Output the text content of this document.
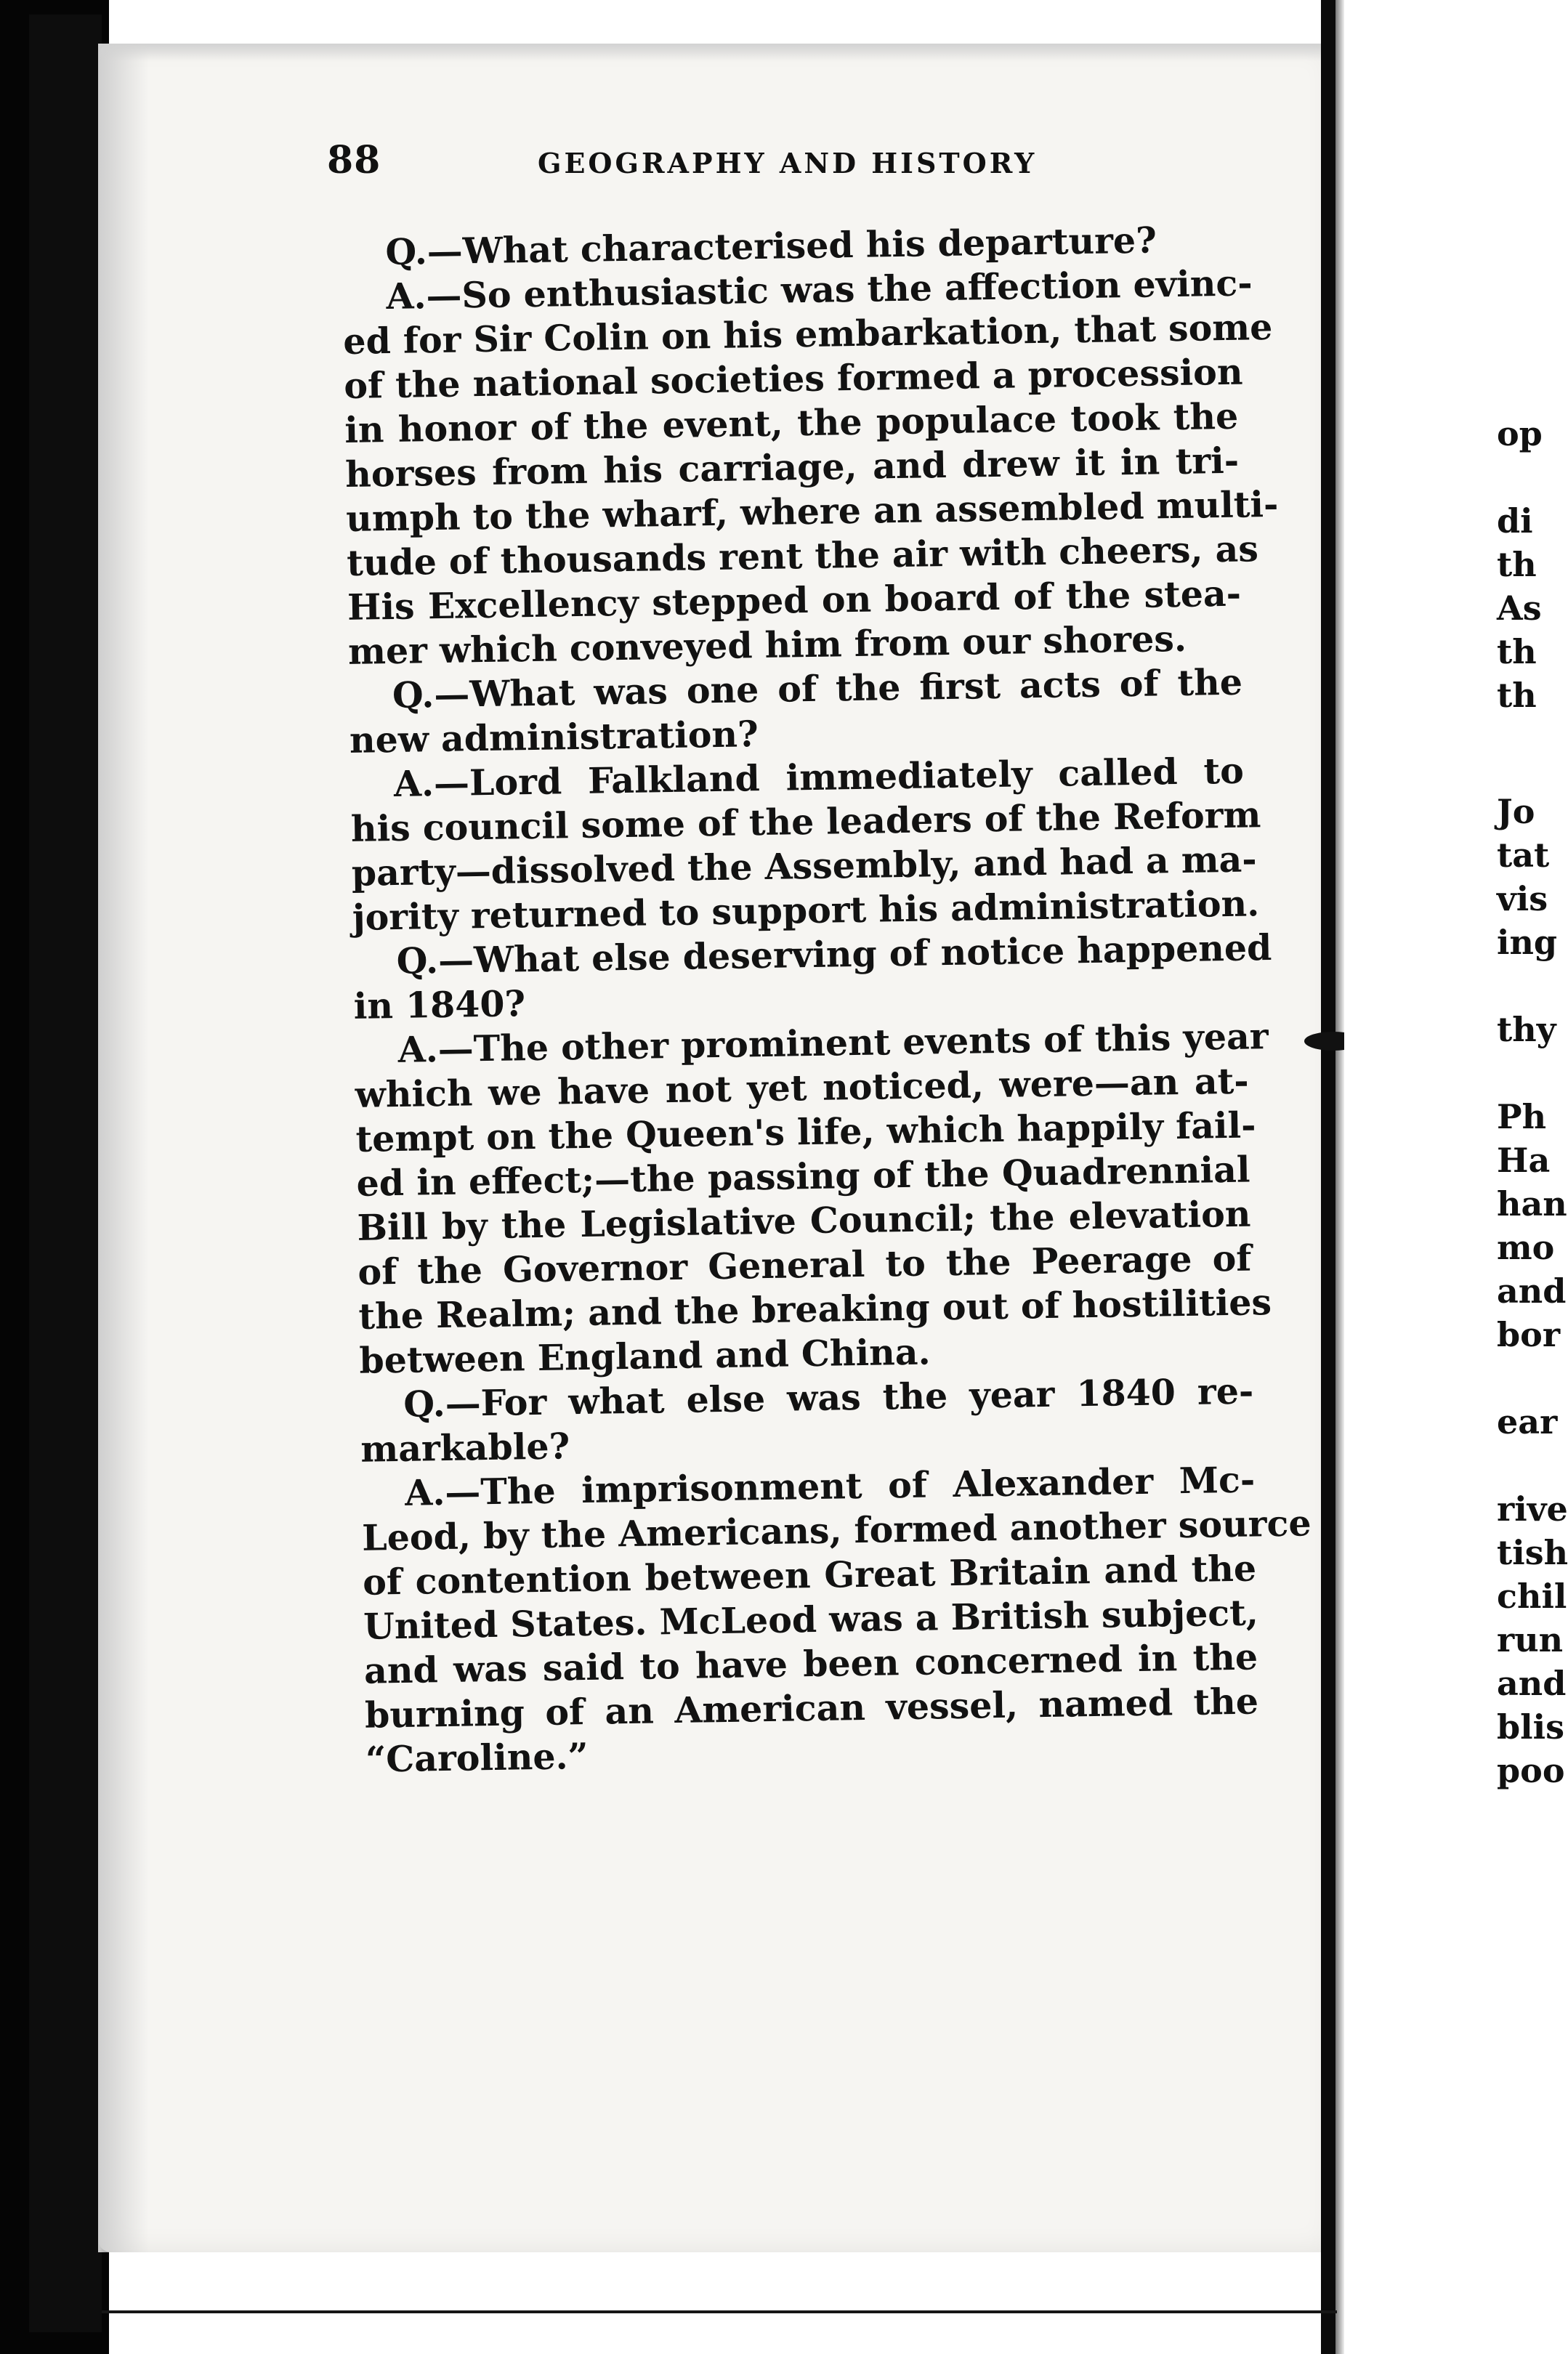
op
di
th
As
th
th
Jo
tat
vis
ing
thy
Ph
Ha
han
mo
and
bor
ear
rive
tish
chil
run
and
blis
poo
88	GEOGRAPHY AND HISTORY
Q.—What characterised his departure?
A.—So enthusiastic was the affection evinc-
ed for Sir Colin on his embarkation, that some
of the national societies formed a procession
in honor of the event, the populace took the
horses from his carriage, and drew it in tri-
umph to the wharf, where an assembled multi-
tude of thousands rent the air with cheers, as
His Excellency stepped on board of the stea-
mer which conveyed him from our shores.
Q.—What was one of the first acts of the
new administration?
A.—Lord Falkland immediately called to
his council some of the leaders of the Reform
party—dissolved the Assembly, and had a ma-
jority returned to support his administration.
Q.—What else deserving of notice happened
in 1840?
A.—The other prominent events of this year
which we have not yet noticed, were—an at-
tempt on the Queen's life, which happily fail-
ed in effect;—the passing of the Quadrennial
Bill by the Legislative Council; the elevation
of the Governor General to the Peerage of
the Realm; and the breaking out of hostilities
between England and China.
Q.—For what else was the year 1840 re-
markable?
A.—The imprisonment of Alexander Mc-
Leod, by the Americans, formed another source
of contention between Great Britain and the
United States. McLeod was a British subject,
and was said to have been concerned in the
burning of an American vessel, named the
“Caroline.”
